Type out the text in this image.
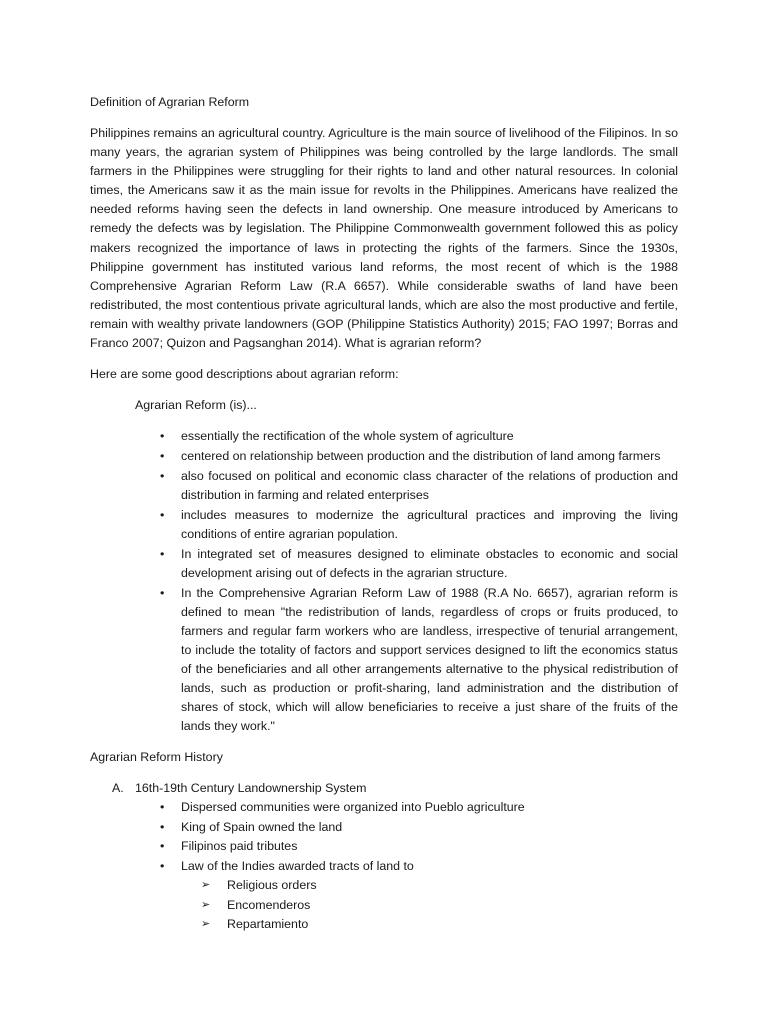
Definition of Agrarian Reform

Philippines remains an agricultural country. Agriculture is the main source of livelihood of the Filipinos. In so many years, the agrarian system of Philippines was being controlled by the large landlords. The small farmers in the Philippines were struggling for their rights to land and other natural resources. In colonial times, the Americans saw it as the main issue for revolts in the Philippines. Americans have realized the needed reforms having seen the defects in land ownership. One measure introduced by Americans to remedy the defects was by legislation. The Philippine Commonwealth government followed this as policy makers recognized the importance of laws in protecting the rights of the farmers. Since the 1930s, Philippine government has instituted various land reforms, the most recent of which is the 1988 Comprehensive Agrarian Reform Law (R.A 6657). While considerable swaths of land have been redistributed, the most contentious private agricultural lands, which are also the most productive and fertile, remain with wealthy private landowners (GOP (Philippine Statistics Authority) 2015; FAO 1997; Borras and Franco 2007; Quizon and Pagsanghan 2014). What is agrarian reform?

Here are some good descriptions about agrarian reform:

Agrarian Reform (is)...
• essentially the rectification of the whole system of agriculture
• centered on relationship between production and the distribution of land among farmers
• also focused on political and economic class character of the relations of production and distribution in farming and related enterprises
• includes measures to modernize the agricultural practices and improving the living conditions of entire agrarian population.
• In integrated set of measures designed to eliminate obstacles to economic and social development arising out of defects in the agrarian structure.
• In the Comprehensive Agrarian Reform Law of 1988 (R.A No. 6657), agrarian reform is defined to mean "the redistribution of lands, regardless of crops or fruits produced, to farmers and regular farm workers who are landless, irrespective of tenurial arrangement, to include the totality of factors and support services designed to lift the economics status of the beneficiaries and all other arrangements alternative to the physical redistribution of lands, such as production or profit-sharing, land administration and the distribution of shares of stock, which will allow beneficiaries to receive a just share of the fruits of the lands they work."
Agrarian Reform History
A. 16th-19th Century Landownership System
• Dispersed communities were organized into Pueblo agriculture
• King of Spain owned the land
• Filipinos paid tributes
• Law of the Indies awarded tracts of land to
➢ Religious orders
➢ Encomenderos
➢ Repartamiento
